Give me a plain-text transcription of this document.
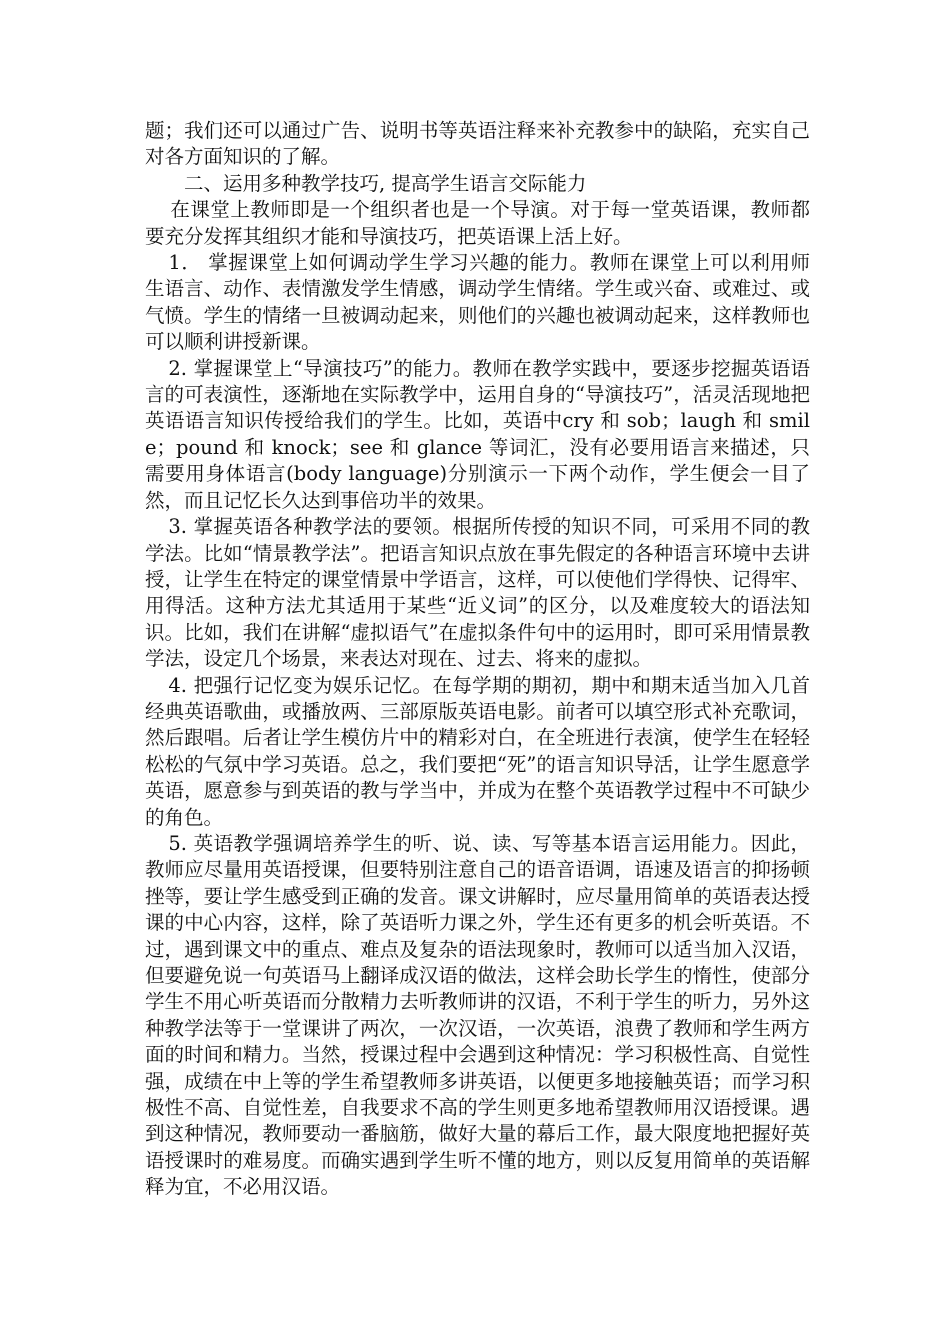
题；我们还可以通过广告、说明书等英语注释来补充教参中的缺陷，充实自己对各方面知识的了解。

二、运用多种教学技巧, 提高学生语言交际能力

在课堂上教师即是一个组织者也是一个导演。对于每一堂英语课，教师都要充分发挥其组织才能和导演技巧，把英语课上活上好。

1． 掌握课堂上如何调动学生学习兴趣的能力。教师在课堂上可以利用师生语言、动作、表情激发学生情感，调动学生情绪。学生或兴奋、或难过、或气愤。学生的情绪一旦被调动起来，则他们的兴趣也被调动起来，这样教师也可以顺利讲授新课。

2. 掌握课堂上“导演技巧”的能力。教师在教学实践中，要逐步挖掘英语语言的可表演性，逐渐地在实际教学中，运用自身的“导演技巧”，活灵活现地把英语语言知识传授给我们的学生。比如，英语中cry 和 sob；laugh 和 smile；pound 和 knock；see 和 glance 等词汇，没有必要用语言来描述，只需要用身体语言(body language)分别演示一下两个动作，学生便会一目了然，而且记忆长久达到事倍功半的效果。

3. 掌握英语各种教学法的要领。根据所传授的知识不同，可采用不同的教学法。比如“情景教学法”。把语言知识点放在事先假定的各种语言环境中去讲授，让学生在特定的课堂情景中学语言，这样，可以使他们学得快、记得牢、用得活。这种方法尤其适用于某些“近义词”的区分，以及难度较大的语法知识。比如，我们在讲解“虚拟语气”在虚拟条件句中的运用时，即可采用情景教学法，设定几个场景，来表达对现在、过去、将来的虚拟。

4. 把强行记忆变为娱乐记忆。在每学期的期初，期中和期末适当加入几首经典英语歌曲，或播放两、三部原版英语电影。前者可以填空形式补充歌词，然后跟唱。后者让学生模仿片中的精彩对白，在全班进行表演，使学生在轻轻松松的气氛中学习英语。总之，我们要把“死”的语言知识导活，让学生愿意学英语，愿意参与到英语的教与学当中，并成为在整个英语教学过程中不可缺少的角色。

5. 英语教学强调培养学生的听、说、读、写等基本语言运用能力。因此，教师应尽量用英语授课，但要特别注意自己的语音语调，语速及语言的抑扬顿挫等，要让学生感受到正确的发音。课文讲解时，应尽量用简单的英语表达授课的中心内容，这样，除了英语听力课之外，学生还有更多的机会听英语。不过，遇到课文中的重点、难点及复杂的语法现象时，教师可以适当加入汉语，但要避免说一句英语马上翻译成汉语的做法，这样会助长学生的惰性，使部分学生不用心听英语而分散精力去听教师讲的汉语，不利于学生的听力，另外这种教学法等于一堂课讲了两次，一次汉语，一次英语，浪费了教师和学生两方面的时间和精力。当然，授课过程中会遇到这种情况：学习积极性高、自觉性强，成绩在中上等的学生希望教师多讲英语，以便更多地接触英语；而学习积极性不高、自觉性差，自我要求不高的学生则更多地希望教师用汉语授课。遇到这种情况，教师要动一番脑筋，做好大量的幕后工作，最大限度地把握好英语授课时的难易度。而确实遇到学生听不懂的地方，则以反复用简单的英语解释为宜，不必用汉语。
